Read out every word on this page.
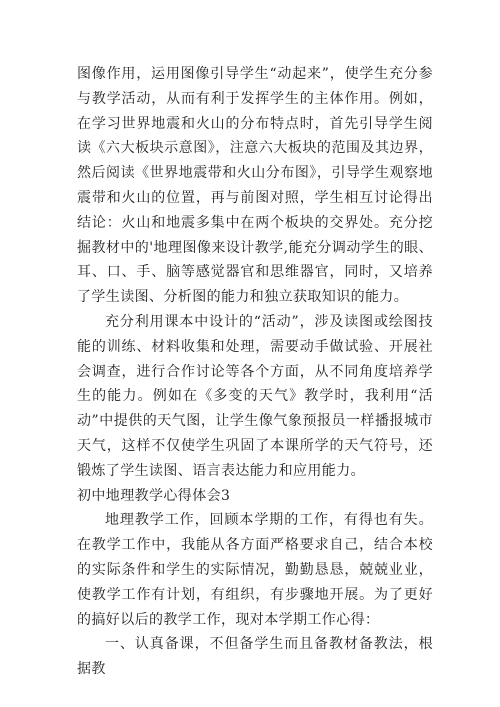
图像作用，运用图像引导学生“动起来”，使学生充分参与教学活动，从而有利于发挥学生的主体作用。例如，在学习世界地震和火山的分布特点时，首先引导学生阅读《六大板块示意图》，注意六大板块的范围及其边界，然后阅读《世界地震带和火山分布图》，引导学生观察地震带和火山的位置，再与前图对照，学生相互讨论得出结论：火山和地震多集中在两个板块的交界处。充分挖掘教材中的'地理图像来设计教学,能充分调动学生的眼、耳、口、手、脑等感觉器官和思维器官，同时，又培养了学生读图、分析图的能力和独立获取知识的能力。

充分利用课本中设计的“活动”，涉及读图或绘图技能的训练、材料收集和处理，需要动手做试验、开展社会调查，进行合作讨论等各个方面，从不同角度培养学生的能力。例如在《多变的天气》教学时，我利用“活动”中提供的天气图，让学生像气象预报员一样播报城市天气，这样不仅使学生巩固了本课所学的天气符号，还锻炼了学生读图、语言表达能力和应用能力。

初中地理教学心得体会3

地理教学工作，回顾本学期的工作，有得也有失。在教学工作中，我能从各方面严格要求自己，结合本校的实际条件和学生的实际情况，勤勤恳恳，兢兢业业，使教学工作有计划，有组织，有步骤地开展。为了更好的搞好以后的教学工作，现对本学期工作心得：

一、认真备课，不但备学生而且备教材备教法，根据教
